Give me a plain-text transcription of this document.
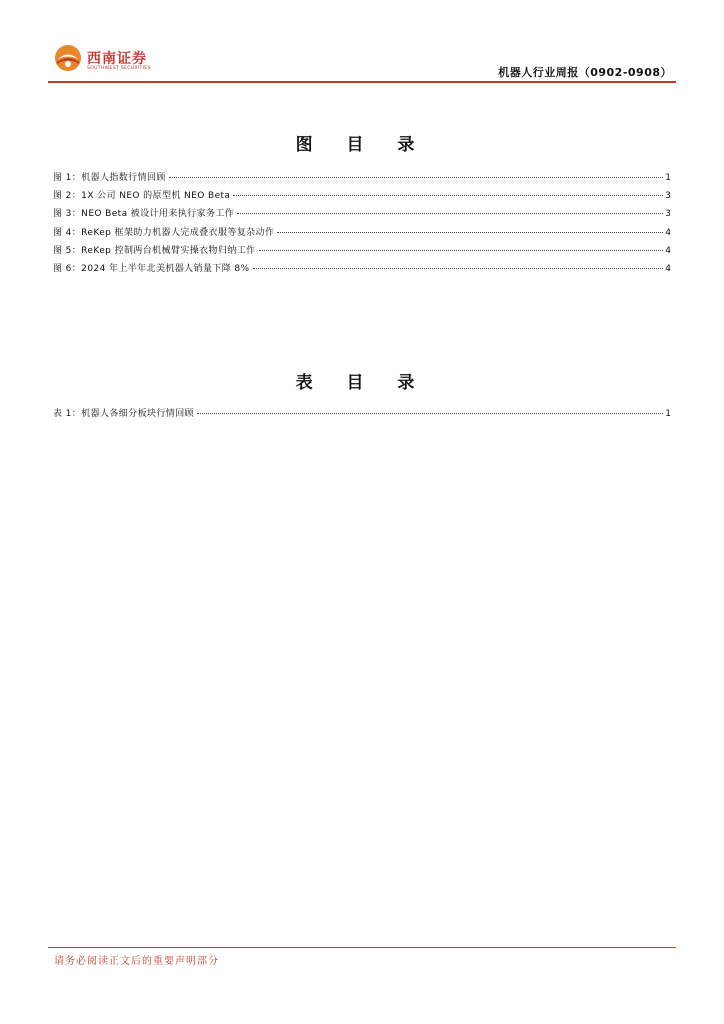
西南证券
SOUTHWEST SECURITIES	机器人行业周报（0902-0908）
图 目 录
图 1：机器人指数行情回顾	1
图 2：1X 公司 NEO 的原型机 NEO Beta	3
图 3：NEO Beta 被设计用来执行家务工作	3
图 4：ReKep 框架助力机器人完成叠衣服等复杂动作	4
图 5：ReKep 控制两台机械臂实操衣物归纳工作	4
图 6：2024 年上半年北美机器人销量下降 8%	4
表 目 录
表 1：机器人各细分板块行情回顾	1
请务必阅读正文后的重要声明部分
